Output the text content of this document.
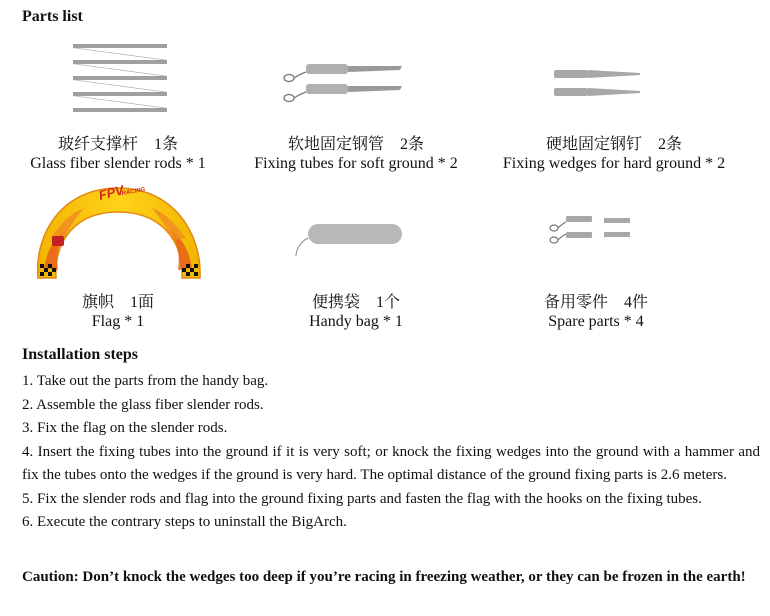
Parts list
玻纤支撑杆　1条
Glass fiber slender rods * 1
软地固定钢管　2条
Fixing tubes for soft ground * 2
硬地固定钢钉　2条
Fixing wedges for hard ground * 2
FPV
RACING
旗帜　1面
Flag * 1
便携袋　1个
Handy bag * 1
备用零件　4件
Spare parts * 4
Installation steps

1. Take out the parts from the handy bag.

2. Assemble the glass fiber slender rods.

3. Fix the flag on the slender rods.

4. Insert the fixing tubes into the ground if it is very soft; or knock the fixing wedges into the ground with a hammer and fix the tubes onto the wedges if the ground is very hard. The optimal distance of the ground fixing parts is 2.6 meters.

5. Fix the slender rods and flag into the ground fixing parts and fasten the flag with the hooks on the fixing tubes.

6. Execute the contrary steps to uninstall the BigArch.

Caution: Don’t knock the wedges too deep if you’re racing in freezing weather, or they can be frozen in the earth!
